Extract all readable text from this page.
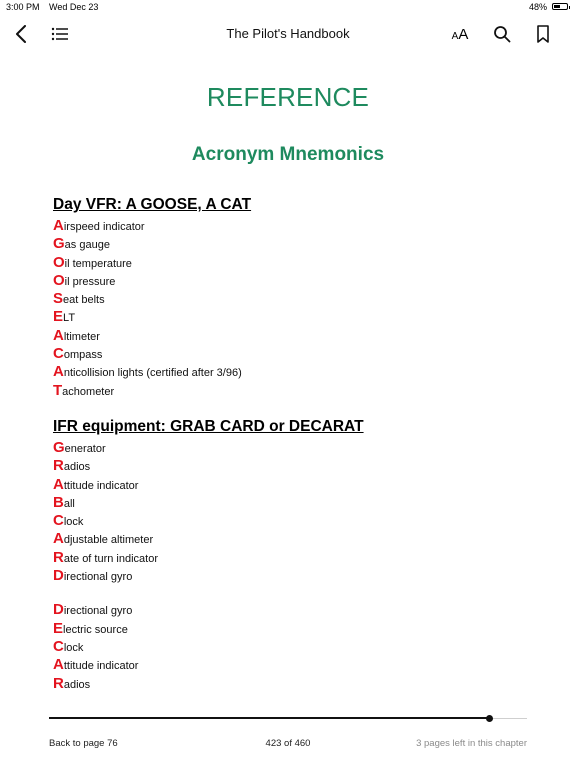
3:00 PM Wed Dec 23	48%
The Pilot's Handbook	AA
REFERENCE
Acronym Mnemonics
Day VFR: A GOOSE, A CAT
Airspeed indicator
Gas gauge
Oil temperature
Oil pressure
Seat belts
ELT
Altimeter
Compass
Anticollision lights (certified after 3/96)
Tachometer
IFR equipment: GRAB CARD or DECARAT
Generator
Radios
Attitude indicator
Ball
Clock
Adjustable altimeter
Rate of turn indicator
Directional gyro
Directional gyro
Electric source
Clock
Attitude indicator
Radios
Back to page 76	423 of 460	3 pages left in this chapter
